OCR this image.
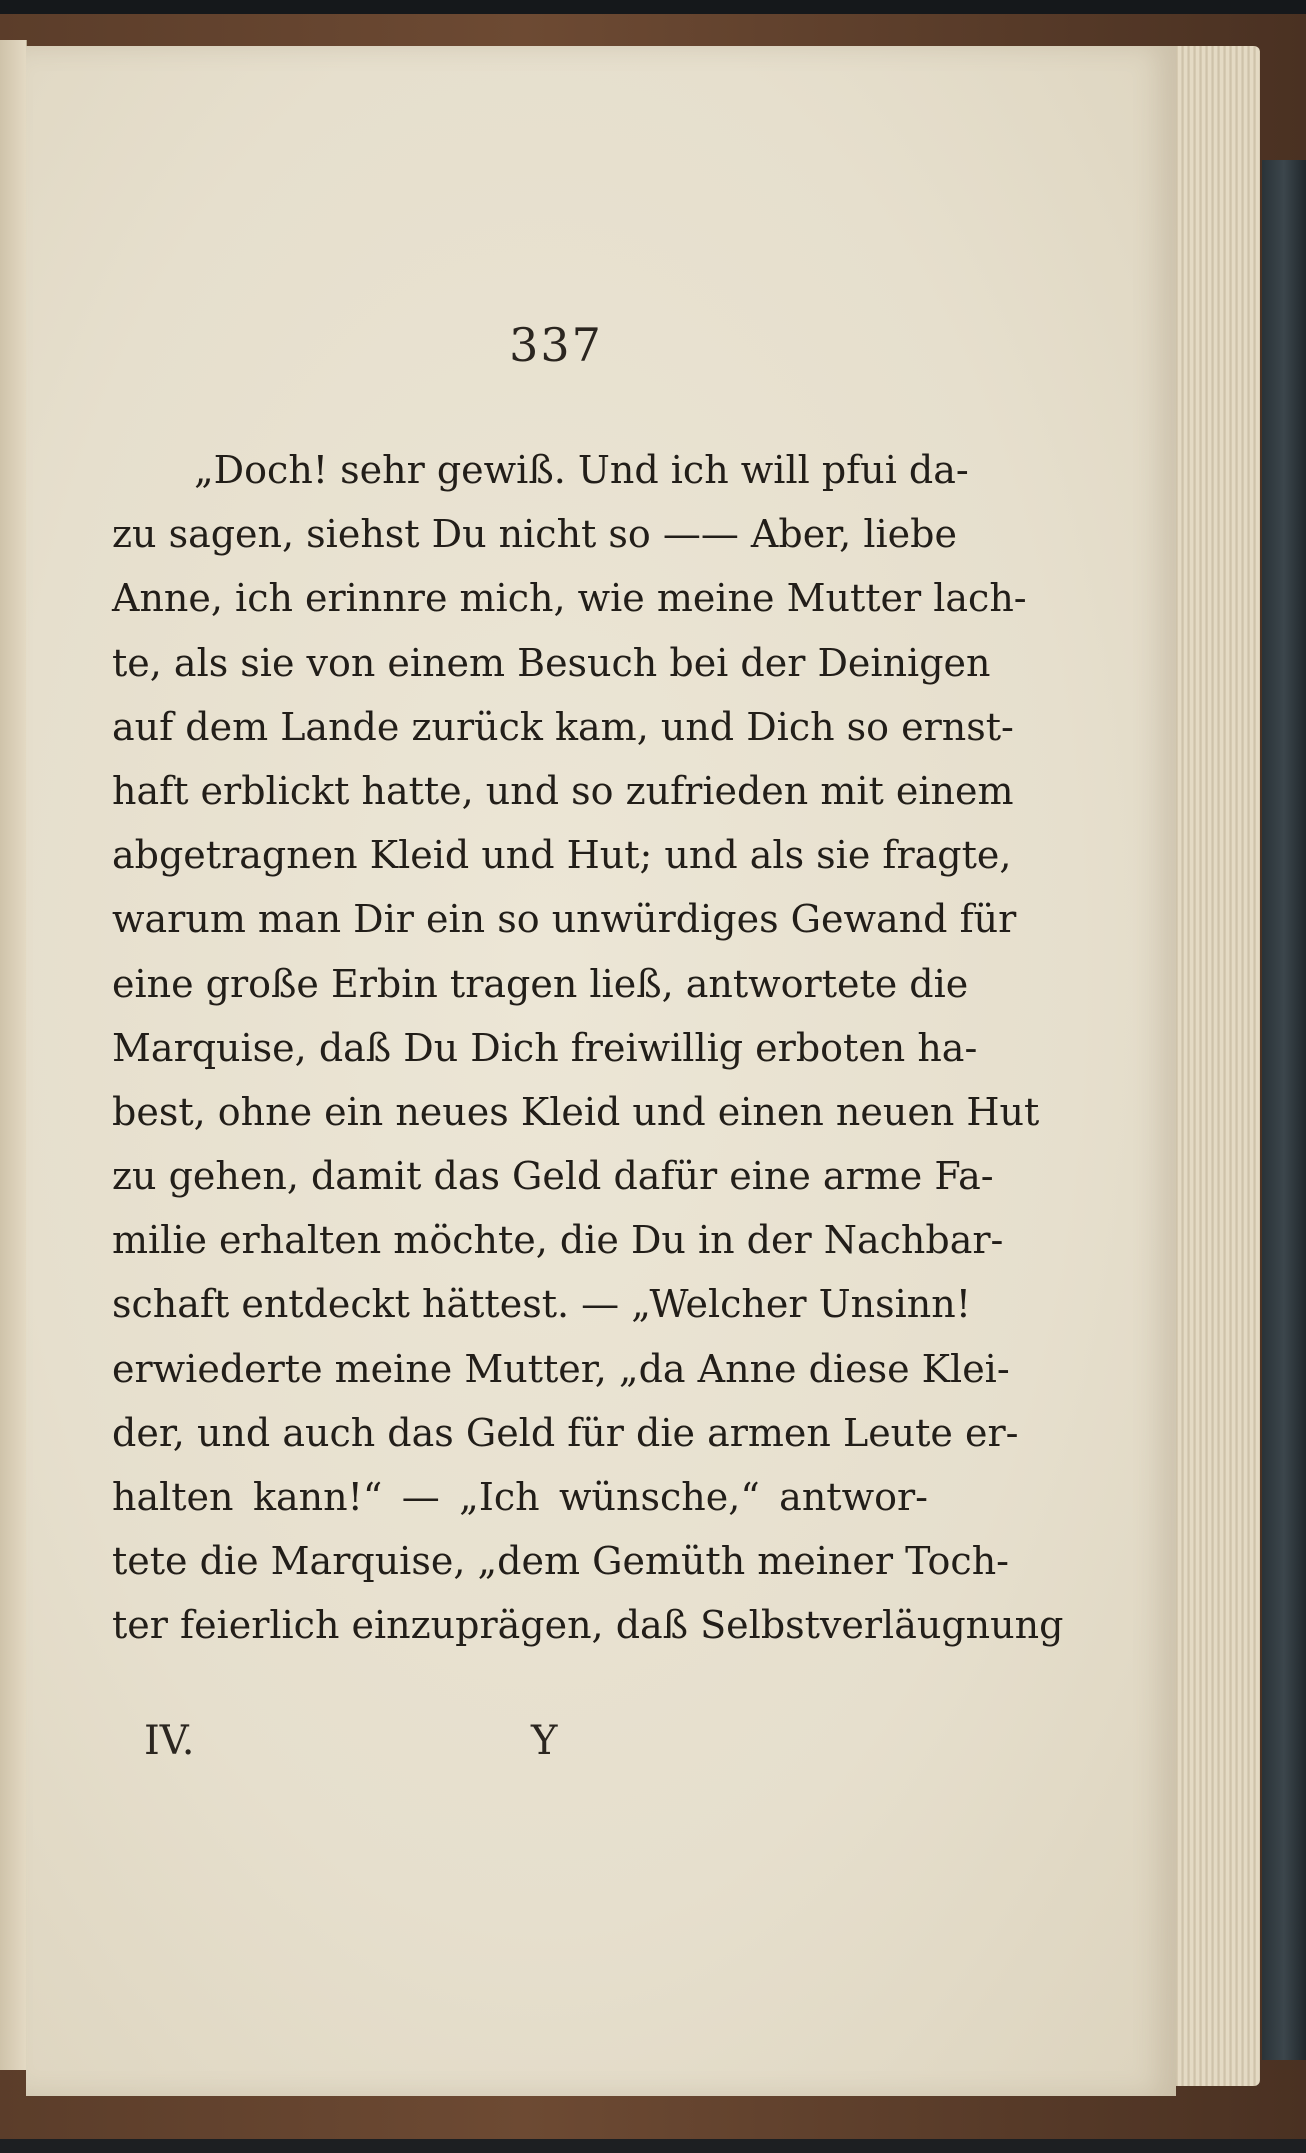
337
„Doch! sehr gewiß. Und ich will pfui da-
zu sagen, siehst Du nicht so —— Aber, liebe
Anne, ich erinnre mich, wie meine Mutter lach-
te, als sie von einem Besuch bei der Deinigen
auf dem Lande zurück kam, und Dich so ernst-
haft erblickt hatte, und so zufrieden mit einem
abgetragnen Kleid und Hut; und als sie fragte,
warum man Dir ein so unwürdiges Gewand für
eine große Erbin tragen ließ, antwortete die
Marquise, daß Du Dich freiwillig erboten ha-
best, ohne ein neues Kleid und einen neuen Hut
zu gehen, damit das Geld dafür eine arme Fa-
milie erhalten möchte, die Du in der Nachbar-
schaft entdeckt hättest. — „Welcher Unsinn!
erwiederte meine Mutter, „da Anne diese Klei-
der, und auch das Geld für die armen Leute er-
halten kann!“ — „Ich wünsche,“ antwor-
tete die Marquise, „dem Gemüth meiner Toch-
ter feierlich einzuprägen, daß Selbstverläugnung
IV.	Y
